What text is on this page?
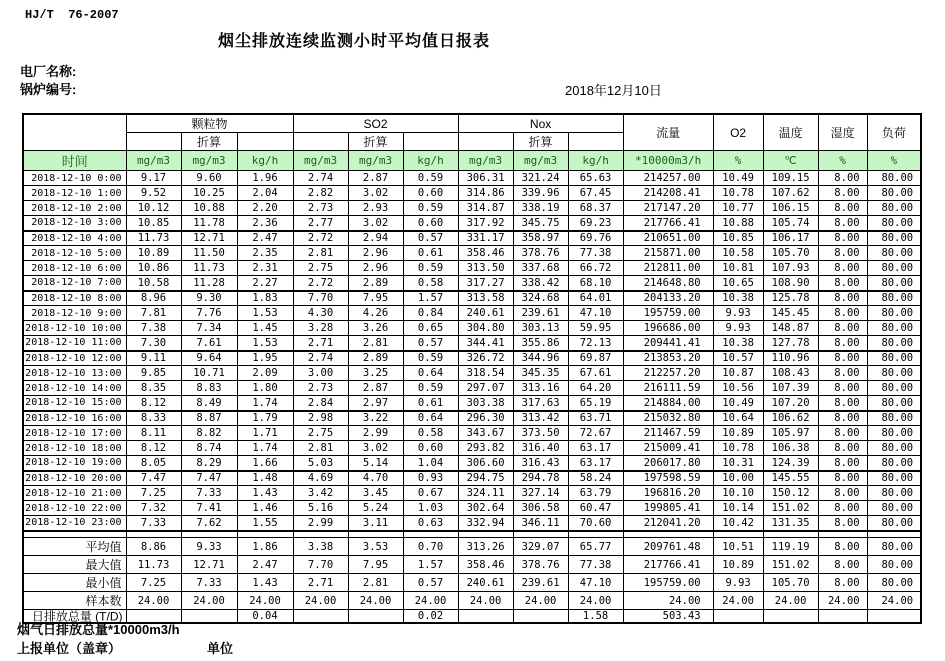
HJ/T  76-2007
烟尘排放连续监测小时平均值日报表
电厂名称:
锅炉编号:	2018年12月10日
	颗粒物			SO2			Nox			流量	O2	温度	湿度	负荷
		折算			折算			折算						
时间	mg/m3	mg/m3	kg/h	mg/m3	mg/m3	kg/h	mg/m3	mg/m3	kg/h	*10000m3/h	%	℃	%	%
2018-12-10 0:00	9.17	9.60	1.96	2.74	2.87	0.59	306.31	321.24	65.63	214257.00	10.49	109.15	8.00	80.00
2018-12-10 1:00	9.52	10.25	2.04	2.82	3.02	0.60	314.86	339.96	67.45	214208.41	10.78	107.62	8.00	80.00
2018-12-10 2:00	10.12	10.88	2.20	2.73	2.93	0.59	314.87	338.19	68.37	217147.20	10.77	106.15	8.00	80.00
2018-12-10 3:00	10.85	11.78	2.36	2.77	3.02	0.60	317.92	345.75	69.23	217766.41	10.88	105.74	8.00	80.00
2018-12-10 4:00	11.73	12.71	2.47	2.72	2.94	0.57	331.17	358.97	69.76	210651.00	10.85	106.17	8.00	80.00
2018-12-10 5:00	10.89	11.50	2.35	2.81	2.96	0.61	358.46	378.76	77.38	215871.00	10.58	105.70	8.00	80.00
2018-12-10 6:00	10.86	11.73	2.31	2.75	2.96	0.59	313.50	337.68	66.72	212811.00	10.81	107.93	8.00	80.00
2018-12-10 7:00	10.58	11.28	2.27	2.72	2.89	0.58	317.27	338.42	68.10	214648.80	10.65	108.90	8.00	80.00
2018-12-10 8:00	8.96	9.30	1.83	7.70	7.95	1.57	313.58	324.68	64.01	204133.20	10.38	125.78	8.00	80.00
2018-12-10 9:00	7.81	7.76	1.53	4.30	4.26	0.84	240.61	239.61	47.10	195759.00	9.93	145.45	8.00	80.00
2018-12-10 10:00	7.38	7.34	1.45	3.28	3.26	0.65	304.80	303.13	59.95	196686.00	9.93	148.87	8.00	80.00
2018-12-10 11:00	7.30	7.61	1.53	2.71	2.81	0.57	344.41	355.86	72.13	209441.41	10.38	127.78	8.00	80.00
2018-12-10 12:00	9.11	9.64	1.95	2.74	2.89	0.59	326.72	344.96	69.87	213853.20	10.57	110.96	8.00	80.00
2018-12-10 13:00	9.85	10.71	2.09	3.00	3.25	0.64	318.54	345.35	67.61	212257.20	10.87	108.43	8.00	80.00
2018-12-10 14:00	8.35	8.83	1.80	2.73	2.87	0.59	297.07	313.16	64.20	216111.59	10.56	107.39	8.00	80.00
2018-12-10 15:00	8.12	8.49	1.74	2.84	2.97	0.61	303.38	317.63	65.19	214884.00	10.49	107.20	8.00	80.00
2018-12-10 16:00	8.33	8.87	1.79	2.98	3.22	0.64	296.30	313.42	63.71	215032.80	10.64	106.62	8.00	80.00
2018-12-10 17:00	8.11	8.82	1.71	2.75	2.99	0.58	343.67	373.50	72.67	211467.59	10.89	105.97	8.00	80.00
2018-12-10 18:00	8.12	8.74	1.74	2.81	3.02	0.60	293.82	316.40	63.17	215009.41	10.78	106.38	8.00	80.00
2018-12-10 19:00	8.05	8.29	1.66	5.03	5.14	1.04	306.60	316.43	63.17	206017.80	10.31	124.39	8.00	80.00
2018-12-10 20:00	7.47	7.47	1.48	4.69	4.70	0.93	294.75	294.78	58.24	197598.59	10.00	145.55	8.00	80.00
2018-12-10 21:00	7.25	7.33	1.43	3.42	3.45	0.67	324.11	327.14	63.79	196816.20	10.10	150.12	8.00	80.00
2018-12-10 22:00	7.32	7.41	1.46	5.16	5.24	1.03	302.64	306.58	60.47	199805.41	10.14	151.02	8.00	80.00
2018-12-10 23:00	7.33	7.62	1.55	2.99	3.11	0.63	332.94	346.11	70.60	212041.20	10.42	131.35	8.00	80.00

平均值	8.86	9.33	1.86	3.38	3.53	0.70	313.26	329.07	65.77	209761.48	10.51	119.19	8.00	80.00
最大值	11.73	12.71	2.47	7.70	7.95	1.57	358.46	378.76	77.38	217766.41	10.89	151.02	8.00	80.00
最小值	7.25	7.33	1.43	2.71	2.81	0.57	240.61	239.61	47.10	195759.00	9.93	105.70	8.00	80.00
样本数	24.00	24.00	24.00	24.00	24.00	24.00	24.00	24.00	24.00	24.00	24.00	24.00	24.00	24.00

日排放总量 (T/D)			0.04			0.02			1.58	503.43				
烟气日排放总量*10000m3/h
上报单位（盖章）	单位
